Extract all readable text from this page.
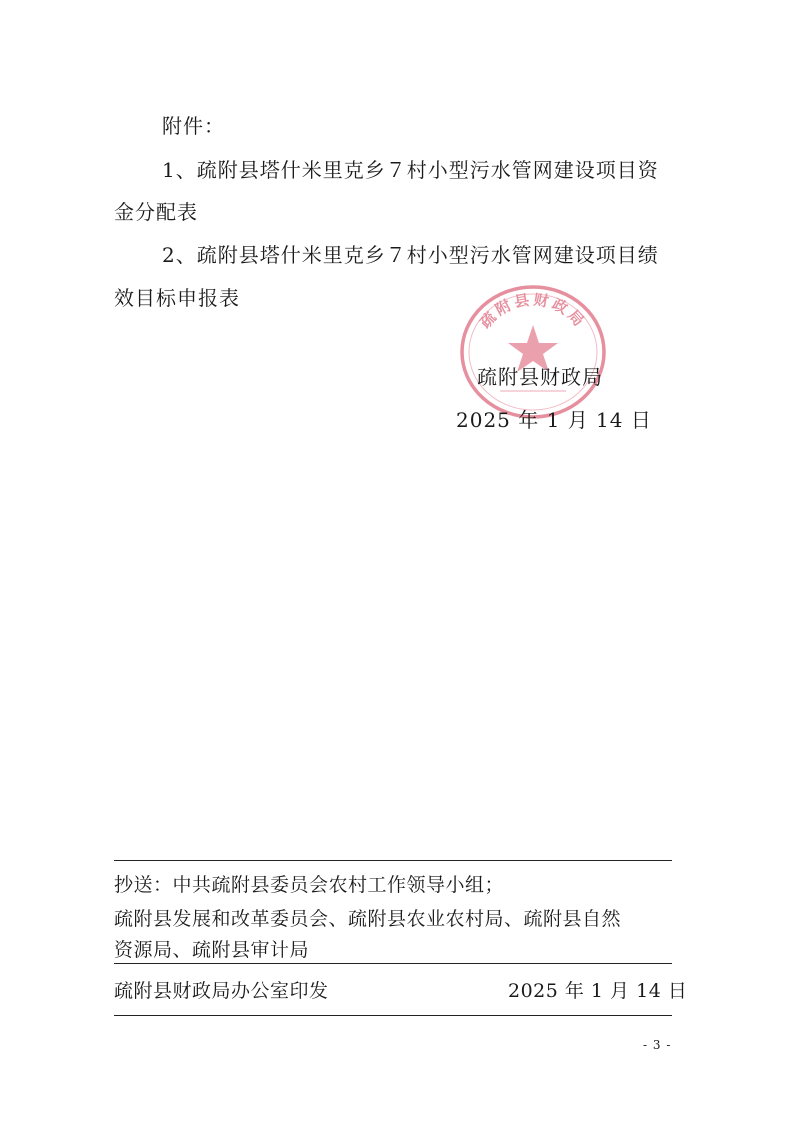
附件：
1、疏附县塔什米里克乡７村小型污水管网建设项目资
金分配表
2、疏附县塔什米里克乡７村小型污水管网建设项目绩
效目标申报表
疏附县财政局
疏附县财政局
2025 年 1 月 14 日
抄送：中共疏附县委员会农村工作领导小组；
疏附县发展和改革委员会、疏附县农业农村局、疏附县自然
资源局、疏附县审计局
疏附县财政局办公室印发	2025 年 1 月 14 日
- 3 -
